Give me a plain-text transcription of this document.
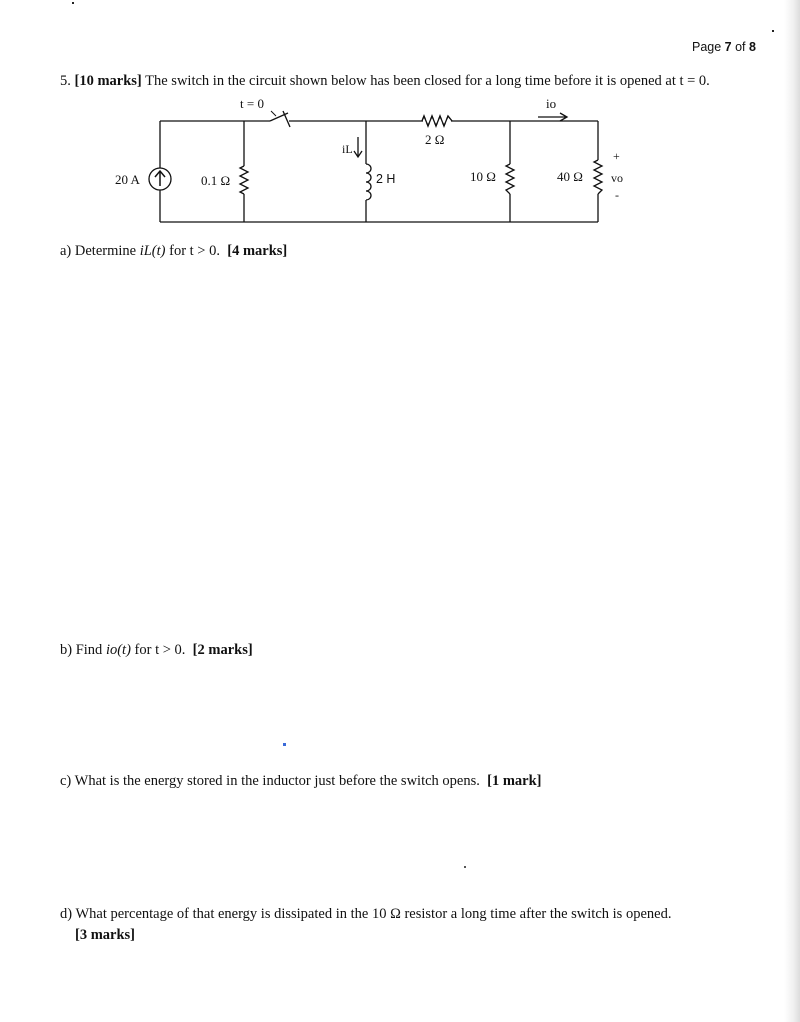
Page 7 of 8
5. [10 marks] The switch in the circuit shown below has been closed for a long time before it is opened at t = 0.
t = 0
20 A	0.1 Ω
iL
2 H
2 Ω
10 Ω	40 Ω
io
vo
+
-
a) Determine iL(t) for t > 0. [4 marks]
b) Find io(t) for t > 0. [2 marks]
c) What is the energy stored in the inductor just before the switch opens. [1 mark]
d) What percentage of that energy is dissipated in the 10 Ω resistor a long time after the switch is opened.
[3 marks]
